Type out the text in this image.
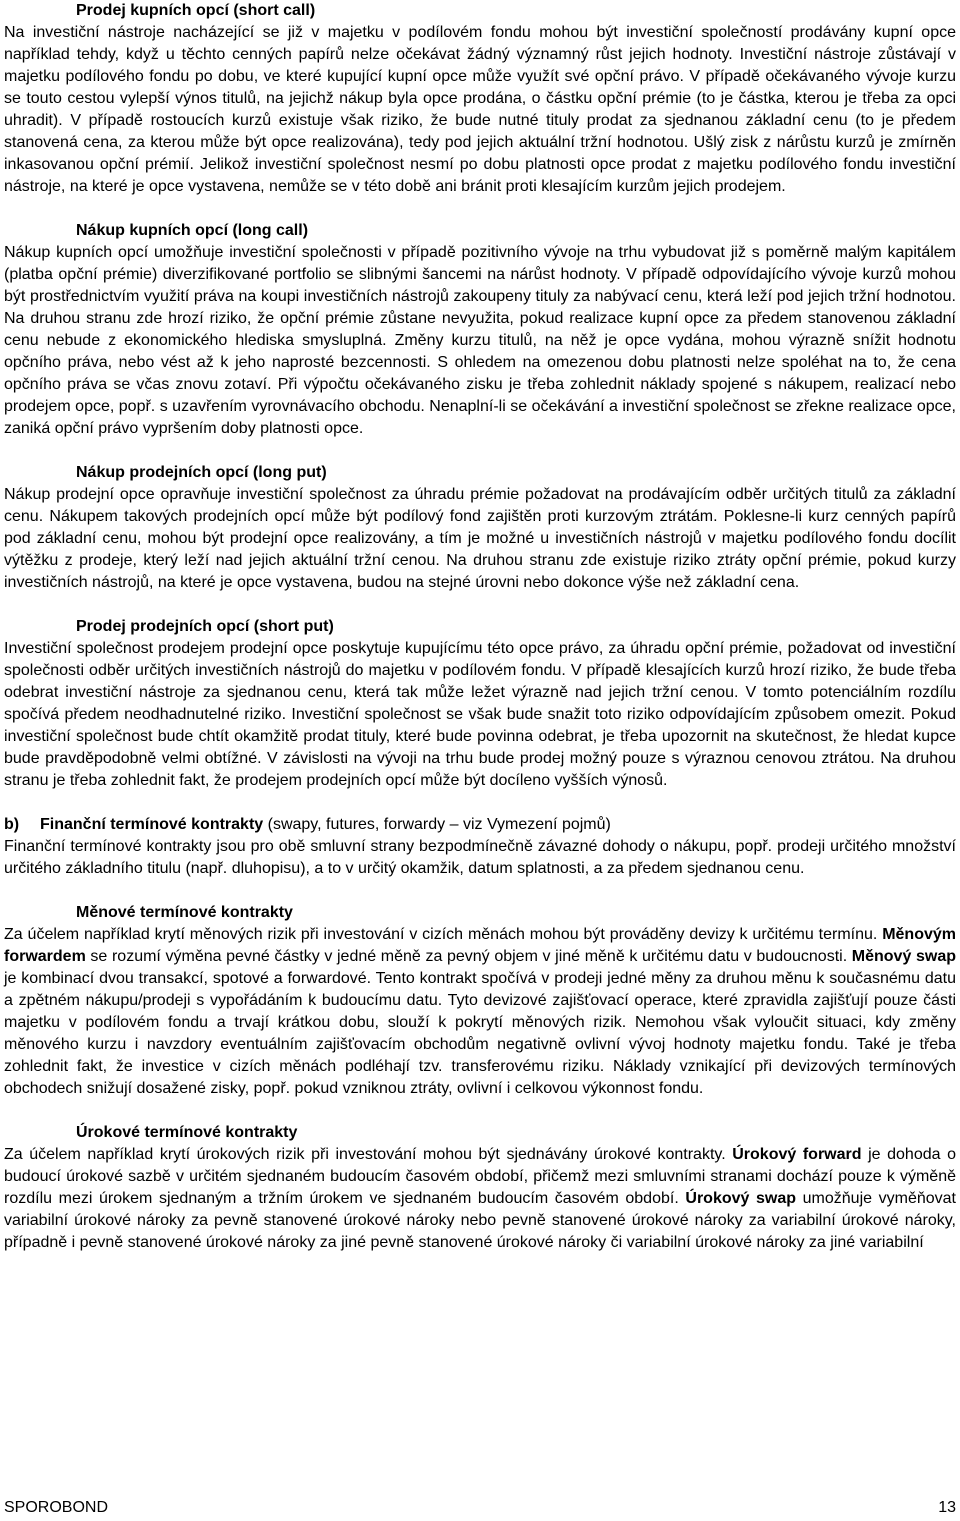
Prodej kupních opcí (short call)

Na investiční nástroje nacházející se již v majetku v podílovém fondu mohou být investiční společností prodávány kupní opce například tehdy, když u těchto cenných papírů nelze očekávat žádný významný růst jejich hodnoty. Investiční nástroje zůstávají v majetku podílového fondu po dobu, ve které kupující kupní opce může využít své opční právo. V případě očekávaného vývoje kurzu se touto cestou vylepší výnos titulů, na jejichž nákup byla opce prodána, o částku opční prémie (to je částka, kterou je třeba za opci uhradit). V případě rostoucích kurzů existuje však riziko, že bude nutné tituly prodat za sjednanou základní cenu (to je předem stanovená cena, za kterou může být opce realizována), tedy pod jejich aktuální tržní hodnotou. Ušlý zisk z nárůstu kurzů je zmírněn inkasovanou opční prémií. Jelikož investiční společnost nesmí po dobu platnosti opce prodat z majetku podílového fondu investiční nástroje, na které je opce vystavena, nemůže se v této době ani bránit proti klesajícím kurzům jejich prodejem.

Nákup kupních opcí (long call)

Nákup kupních opcí umožňuje investiční společnosti v případě pozitivního vývoje na trhu vybudovat již s poměrně malým kapitálem (platba opční prémie) diverzifikované portfolio se slibnými šancemi na nárůst hodnoty. V případě odpovídajícího vývoje kurzů mohou být prostřednictvím využití práva na koupi investičních nástrojů zakoupeny tituly za nabývací cenu, která leží pod jejich tržní hodnotou. Na druhou stranu zde hrozí riziko, že opční prémie zůstane nevyužita, pokud realizace kupní opce za předem stanovenou základní cenu nebude z ekonomického hlediska smysluplná. Změny kurzu titulů, na něž je opce vydána, mohou výrazně snížit hodnotu opčního práva, nebo vést až k jeho naprosté bezcennosti. S ohledem na omezenou dobu platnosti nelze spoléhat na to, že cena opčního práva se včas znovu zotaví. Při výpočtu očekávaného zisku je třeba zohlednit náklady spojené s nákupem, realizací nebo prodejem opce, popř. s uzavřením vyrovnávacího obchodu. Nenaplní-li se očekávání a investiční společnost se zřekne realizace opce, zaniká opční právo vypršením doby platnosti opce.

Nákup prodejních opcí (long put)

Nákup prodejní opce opravňuje investiční společnost za úhradu prémie požadovat na prodávajícím odběr určitých titulů za základní cenu. Nákupem takových prodejních opcí může být podílový fond zajištěn proti kurzovým ztrátám. Poklesne-li kurz cenných papírů pod základní cenu, mohou být prodejní opce realizovány, a tím je možné u investičních nástrojů v majetku podílového fondu docílit výtěžku z prodeje, který leží nad jejich aktuální tržní cenou. Na druhou stranu zde existuje riziko ztráty opční prémie, pokud kurzy investičních nástrojů, na které je opce vystavena, budou na stejné úrovni nebo dokonce výše než základní cena.

Prodej prodejních opcí (short put)

Investiční společnost prodejem prodejní opce poskytuje kupujícímu této opce právo, za úhradu opční prémie, požadovat od investiční společnosti odběr určitých investičních nástrojů do majetku v podílovém fondu. V případě klesajících kurzů hrozí riziko, že bude třeba odebrat investiční nástroje za sjednanou cenu, která tak může ležet výrazně nad jejich tržní cenou. V tomto potenciálním rozdílu spočívá předem neodhadnutelné riziko. Investiční společnost se však bude snažit toto riziko odpovídajícím způsobem omezit. Pokud investiční společnost bude chtít okamžitě prodat tituly, které bude povinna odebrat, je třeba upozornit na skutečnost, že hledat kupce bude pravděpodobně velmi obtížné. V závislosti na vývoji na trhu bude prodej možný pouze s výraznou cenovou ztrátou. Na druhou stranu je třeba zohlednit fakt, že prodejem prodejních opcí může být docíleno vyšších výnosů.

b) Finanční termínové kontrakty (swapy, futures, forwardy – viz Vymezení pojmů)

Finanční termínové kontrakty jsou pro obě smluvní strany bezpodmínečně závazné dohody o nákupu, popř. prodeji určitého množství určitého základního titulu (např. dluhopisu), a to v určitý okamžik, datum splatnosti, a za předem sjednanou cenu.

Měnové termínové kontrakty

Za účelem například krytí měnových rizik při investování v cizích měnách mohou být prováděny devizy k určitému termínu. Měnovým forwardem se rozumí výměna pevné částky v jedné měně za pevný objem v jiné měně k určitému datu v budoucnosti. Měnový swap je kombinací dvou transakcí, spotové a forwardové. Tento kontrakt spočívá v prodeji jedné měny za druhou měnu k současnému datu a zpětném nákupu/prodeji s vypořádáním k budoucímu datu. Tyto devizové zajišťovací operace, které zpravidla zajišťují pouze části majetku v podílovém fondu a trvají krátkou dobu, slouží k pokrytí měnových rizik. Nemohou však vyloučit situaci, kdy změny měnového kurzu i navzdory eventuálním zajišťovacím obchodům negativně ovlivní vývoj hodnoty majetku fondu. Také je třeba zohlednit fakt, že investice v cizích měnách podléhají tzv. transferovému riziku. Náklady vznikající při devizových termínových obchodech snižují dosažené zisky, popř. pokud vzniknou ztráty, ovlivní i celkovou výkonnost fondu.

Úrokové termínové kontrakty

Za účelem například krytí úrokových rizik při investování mohou být sjednávány úrokové kontrakty. Úrokový forward je dohoda o budoucí úrokové sazbě v určitém sjednaném budoucím časovém období, přičemž mezi smluvními stranami dochází pouze k výměně rozdílu mezi úrokem sjednaným a tržním úrokem ve sjednaném budoucím časovém období. Úrokový swap umožňuje vyměňovat variabilní úrokové nároky za pevně stanovené úrokové nároky nebo pevně stanovené úrokové nároky za variabilní úrokové nároky, případně i pevně stanovené úrokové nároky za jiné pevně stanovené úrokové nároky či variabilní úrokové nároky za jiné variabilní

SPOROBOND	13
